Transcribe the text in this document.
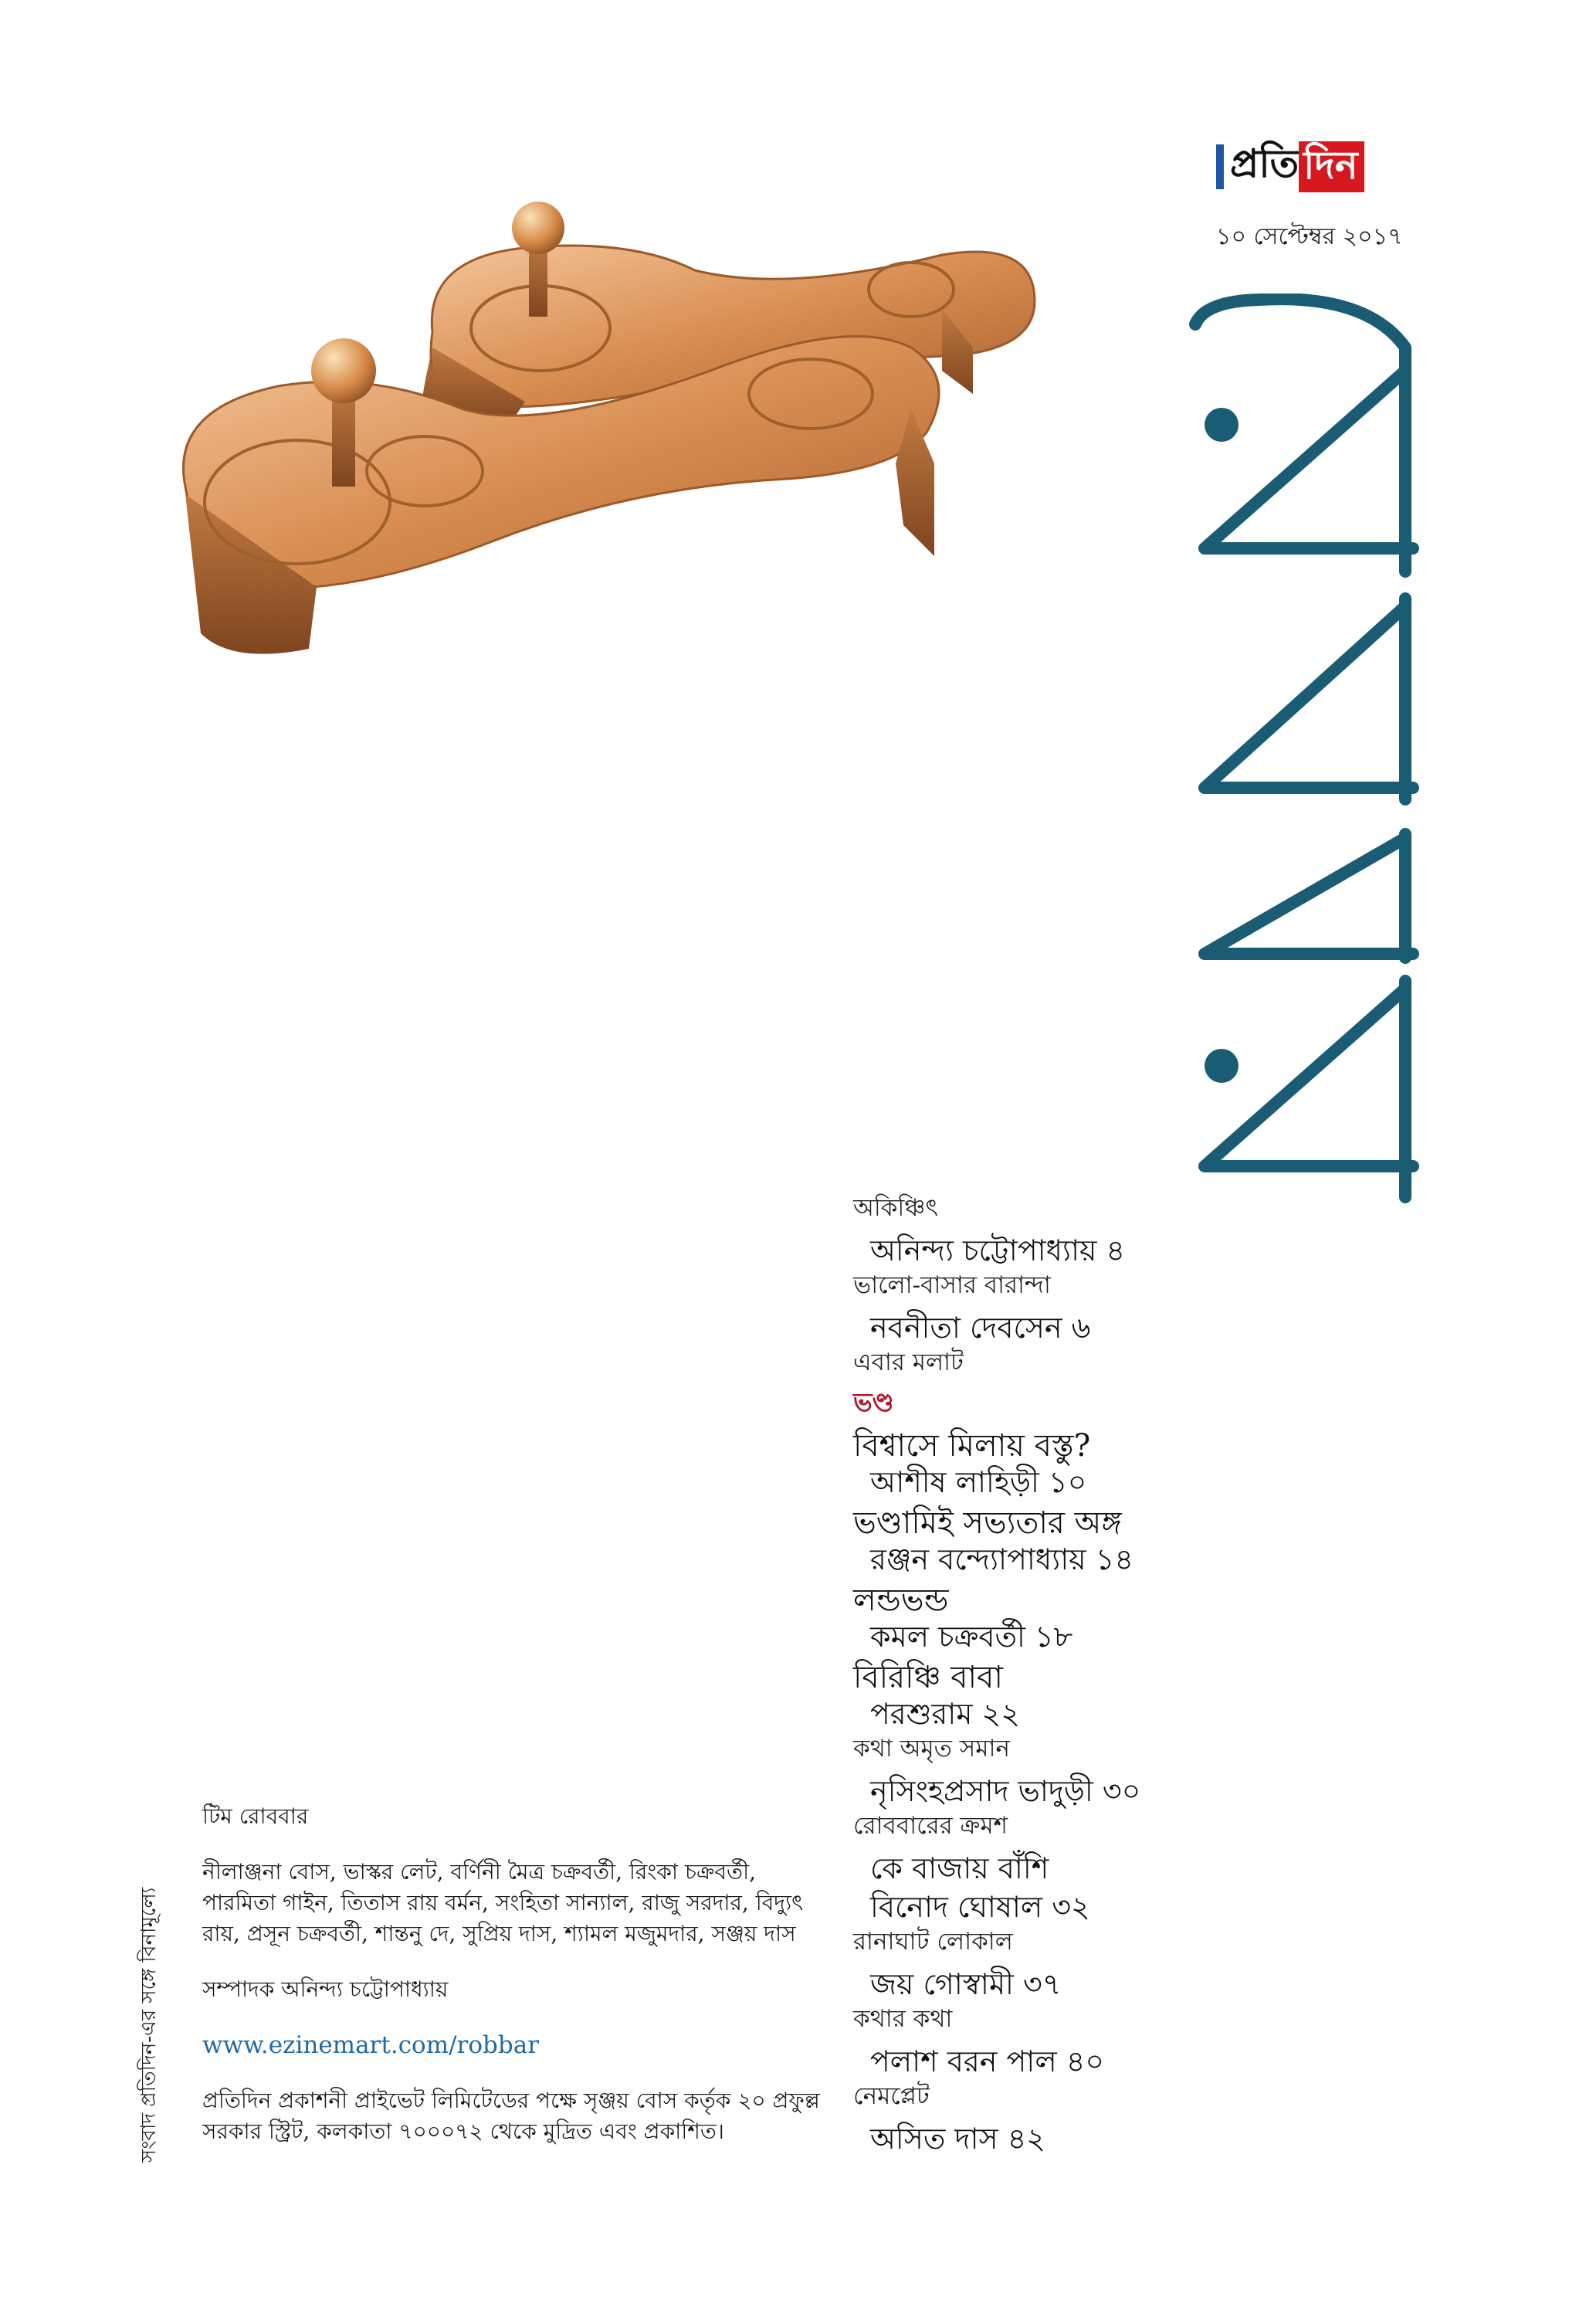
প্রতি দিন
১০ সেপ্টেম্বর ২০১৭
অকিঞ্চিৎ
অনিন্দ্য চট্টোপাধ্যায় ৪
ভালো-বাসার বারান্দা
নবনীতা দেবসেন ৬
এবার মলাট
ভণ্ড
বিশ্বাসে মিলায় বস্তু?
আশীষ লাহিড়ী ১০
ভণ্ডামিই সভ্যতার অঙ্গ
রঞ্জন বন্দ্যোপাধ্যায় ১৪
লন্ডভন্ড
কমল চক্রবর্তী ১৮
বিরিঞ্চি বাবা
পরশুরাম ২২
কথা অমৃত সমান
নৃসিংহপ্রসাদ ভাদুড়ী ৩০
রোববারের ক্রমশ
কে বাজায় বাঁশি
বিনোদ ঘোষাল ৩২
রানাঘাট লোকাল
জয় গোস্বামী ৩৭
কথার কথা
পলাশ বরন পাল ৪০
নেমপ্লেট
অসিত দাস ৪২

টিম রোববার

নীলাঞ্জনা বোস, ভাস্কর লেট, বর্ণিনী মৈত্র চক্রবর্তী, রিংকা চক্রবর্তী, পারমিতা গাইন, তিতাস রায় বর্মন, সংহিতা সান্যাল, রাজু সরদার, বিদ্যুৎ রায়, প্রসূন চক্রবর্তী, শান্তনু দে, সুপ্রিয় দাস, শ্যামল মজুমদার, সঞ্জয় দাস

সম্পাদক অনিন্দ্য চট্টোপাধ্যায়

www.ezinemart.com/robbar

প্রতিদিন প্রকাশনী প্রাইভেট লিমিটেডের পক্ষে সৃঞ্জয় বোস কর্তৃক ২০ প্রফুল্ল সরকার স্ট্রিট, কলকাতা ৭০০০৭২ থেকে মুদ্রিত এবং প্রকাশিত।

সংবাদ প্রতিদিন-এর সঙ্গে বিনামূল্যে
